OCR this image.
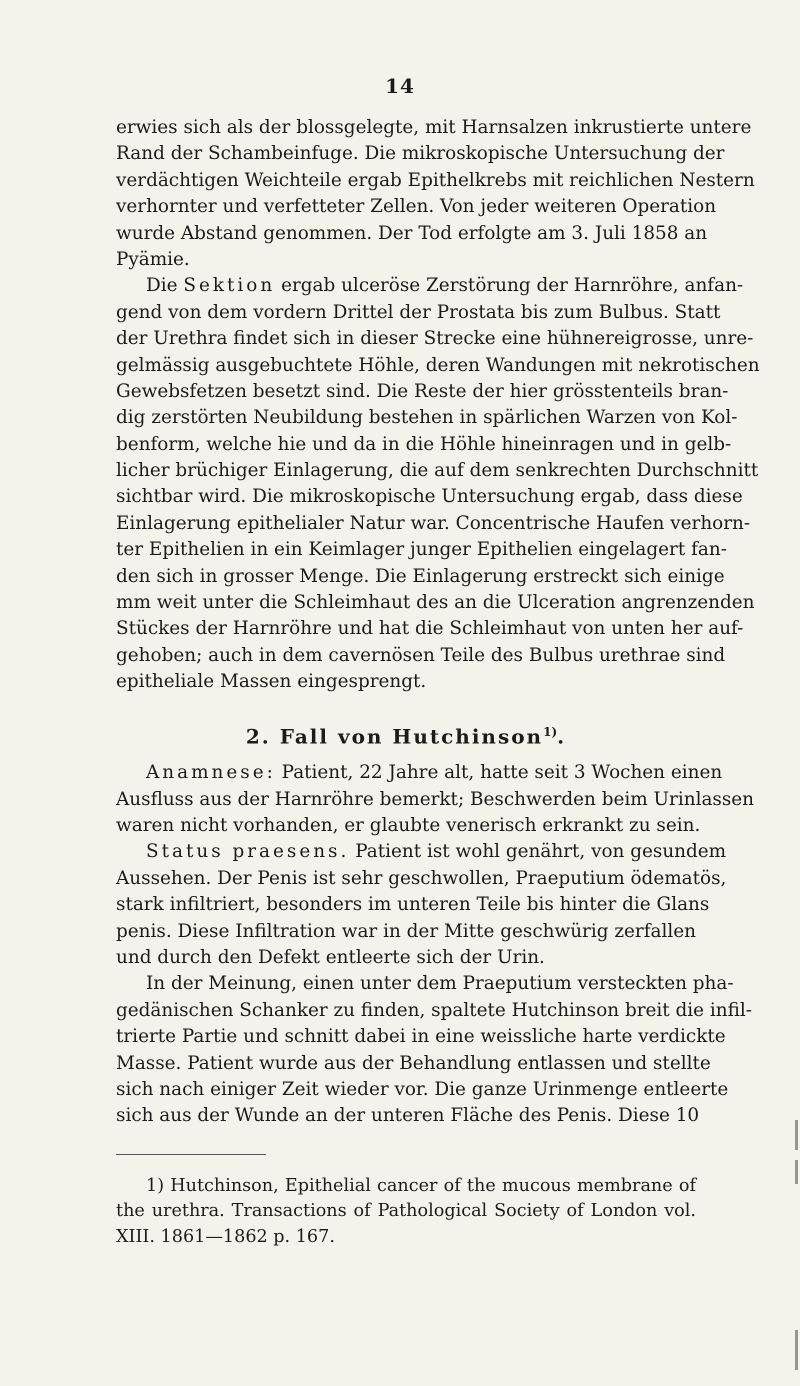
14
erwies sich als der blossgelegte, mit Harnsalzen inkrustierte untere
Rand der Schambeinfuge. Die mikroskopische Untersuchung der
verdächtigen Weichteile ergab Epithelkrebs mit reichlichen Nestern
verhornter und verfetteter Zellen. Von jeder weiteren Operation
wurde Abstand genommen. Der Tod erfolgte am 3. Juli 1858 an
Pyämie.
Die Sektion ergab ulceröse Zerstörung der Harnröhre, anfan-
gend von dem vordern Drittel der Prostata bis zum Bulbus. Statt
der Urethra findet sich in dieser Strecke eine hühnereigrosse, unre-
gelmässig ausgebuchtete Höhle, deren Wandungen mit nekrotischen
Gewebsfetzen besetzt sind. Die Reste der hier grösstenteils bran-
dig zerstörten Neubildung bestehen in spärlichen Warzen von Kol-
benform, welche hie und da in die Höhle hineinragen und in gelb-
licher brüchiger Einlagerung, die auf dem senkrechten Durchschnitt
sichtbar wird. Die mikroskopische Untersuchung ergab, dass diese
Einlagerung epithelialer Natur war. Concentrische Haufen verhorn-
ter Epithelien in ein Keimlager junger Epithelien eingelagert fan-
den sich in grosser Menge. Die Einlagerung erstreckt sich einige
mm weit unter die Schleimhaut des an die Ulceration angrenzenden
Stückes der Harnröhre und hat die Schleimhaut von unten her auf-
gehoben; auch in dem cavernösen Teile des Bulbus urethrae sind
epitheliale Massen eingesprengt.
2. Fall von Hutchinson$^{1)}$.
Anamnese: Patient, 22 Jahre alt, hatte seit 3 Wochen einen
Ausfluss aus der Harnröhre bemerkt; Beschwerden beim Urinlassen
waren nicht vorhanden, er glaubte venerisch erkrankt zu sein.
Status praesens. Patient ist wohl genährt, von gesundem
Aussehen. Der Penis ist sehr geschwollen, Praeputium ödematös,
stark infiltriert, besonders im unteren Teile bis hinter die Glans
penis. Diese Infiltration war in der Mitte geschwürig zerfallen
und durch den Defekt entleerte sich der Urin.
In der Meinung, einen unter dem Praeputium versteckten pha-
gedänischen Schanker zu finden, spaltete Hutchinson breit die infil-
trierte Partie und schnitt dabei in eine weissliche harte verdickte
Masse. Patient wurde aus der Behandlung entlassen und stellte
sich nach einiger Zeit wieder vor. Die ganze Urinmenge entleerte
sich aus der Wunde an der unteren Fläche des Penis. Diese 10
1) Hutchinson, Epithelial cancer of the mucous membrane of
the urethra. Transactions of Pathological Society of London vol.
XIII. 1861—1862 p. 167.
